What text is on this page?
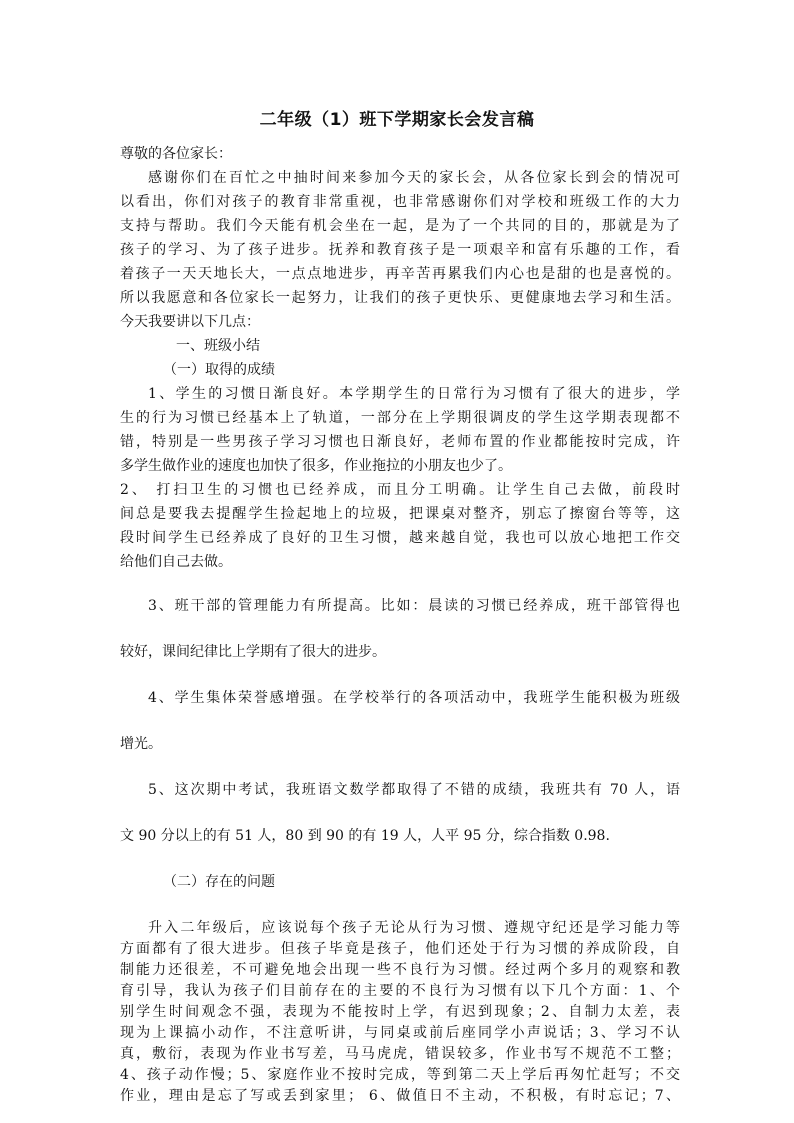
二年级（1）班下学期家长会发言稿
尊敬的各位家长：
感谢你们在百忙之中抽时间来参加今天的家长会，从各位家长到会的情况可
以看出，你们对孩子的教育非常重视，也非常感谢你们对学校和班级工作的大力
支持与帮助。我们今天能有机会坐在一起，是为了一个共同的目的，那就是为了
孩子的学习、为了孩子进步。抚养和教育孩子是一项艰辛和富有乐趣的工作，看
着孩子一天天地长大，一点点地进步，再辛苦再累我们内心也是甜的也是喜悦的。
所以我愿意和各位家长一起努力，让我们的孩子更快乐、更健康地去学习和生活。
今天我要讲以下几点：
一、班级小结
（一）取得的成绩
1、学生的习惯日渐良好。本学期学生的日常行为习惯有了很大的进步，学
生的行为习惯已经基本上了轨道，一部分在上学期很调皮的学生这学期表现都不
错，特别是一些男孩子学习习惯也日渐良好，老师布置的作业都能按时完成，许
多学生做作业的速度也加快了很多，作业拖拉的小朋友也少了。
2、 打扫卫生的习惯也已经养成，而且分工明确。让学生自己去做，前段时
间总是要我去提醒学生捡起地上的垃圾，把课桌对整齐，别忘了擦窗台等等，这
段时间学生已经养成了良好的卫生习惯，越来越自觉，我也可以放心地把工作交
给他们自己去做。
3、班干部的管理能力有所提高。比如：晨读的习惯已经养成，班干部管得也
较好，课间纪律比上学期有了很大的进步。
4、学生集体荣誉感增强。在学校举行的各项活动中，我班学生能积极为班级
增光。
5、这次期中考试，我班语文数学都取得了不错的成绩，我班共有 70 人，语
文 90 分以上的有 51 人，80 到 90 的有 19 人，人平 95 分，综合指数 0.98.
（二）存在的问题
升入二年级后，应该说每个孩子无论从行为习惯、遵规守纪还是学习能力等
方面都有了很大进步。但孩子毕竟是孩子，他们还处于行为习惯的养成阶段，自
制能力还很差，不可避免地会出现一些不良行为习惯。经过两个多月的观察和教
育引导，我认为孩子们目前存在的主要的不良行为习惯有以下几个方面：1、个
别学生时间观念不强，表现为不能按时上学，有迟到现象；2、自制力太差，表
现为上课搞小动作，不注意听讲，与同桌或前后座同学小声说话；3、学习不认
真，敷衍，表现为作业书写差，马马虎虎，错误较多，作业书写不规范不工整；
4、孩子动作慢；5、家庭作业不按时完成，等到第二天上学后再匆忙赶写；不交
作业，理由是忘了写或丢到家里； 6、做值日不主动，不积极，有时忘记；7、
